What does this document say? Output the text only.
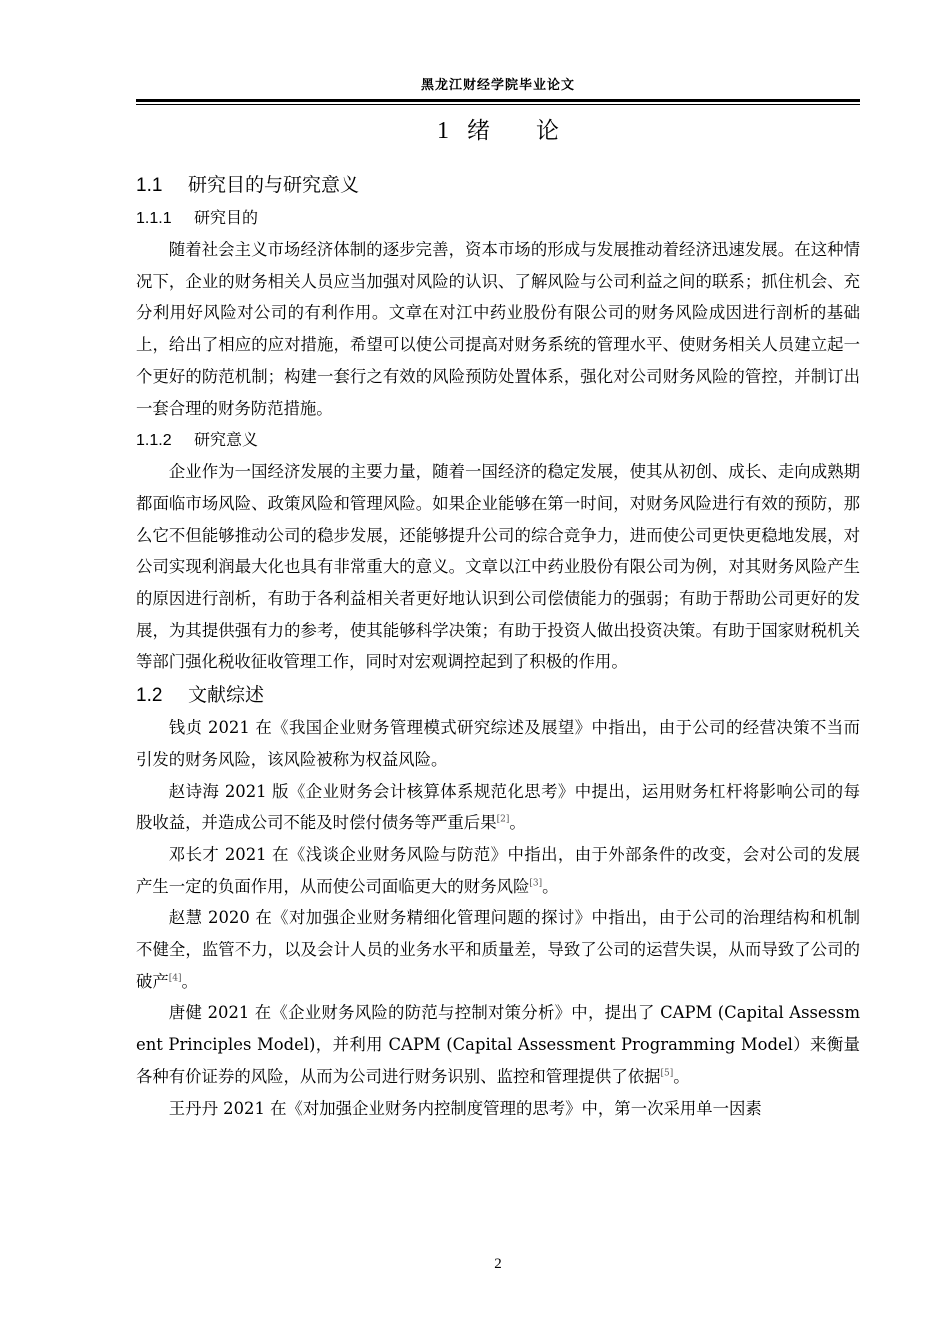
黑龙江财经学院毕业论文
1 绪 论
1.1 研究目的与研究意义
1.1.1 研究目的

随着社会主义市场经济体制的逐步完善，资本市场的形成与发展推动着经济迅速发展。在这种情况下，企业的财务相关人员应当加强对风险的认识、了解风险与公司利益之间的联系；抓住机会、充分利用好风险对公司的有利作用。文章在对江中药业股份有限公司的财务风险成因进行剖析的基础上，给出了相应的应对措施，希望可以使公司提高对财务系统的管理水平、使财务相关人员建立起一个更好的防范机制；构建一套行之有效的风险预防处置体系，强化对公司财务风险的管控，并制订出一套合理的财务防范措施。

1.1.2 研究意义

企业作为一国经济发展的主要力量，随着一国经济的稳定发展，使其从初创、成长、走向成熟期都面临市场风险、政策风险和管理风险。如果企业能够在第一时间，对财务风险进行有效的预防，那么它不但能够推动公司的稳步发展，还能够提升公司的综合竞争力，进而使公司更快更稳地发展，对公司实现利润最大化也具有非常重大的意义。文章以江中药业股份有限公司为例，对其财务风险产生的原因进行剖析，有助于各利益相关者更好地认识到公司偿债能力的强弱；有助于帮助公司更好的发展，为其提供强有力的参考，使其能够科学决策；有助于投资人做出投资决策。有助于国家财税机关等部门强化税收征收管理工作，同时对宏观调控起到了积极的作用。

1.2 文献综述

钱贞 2021 在《我国企业财务管理模式研究综述及展望》中指出，由于公司的经营决策不当而引发的财务风险，该风险被称为权益风险。

赵诗海 2021 版《企业财务会计核算体系规范化思考》中提出，运用财务杠杆将影响公司的每股收益，并造成公司不能及时偿付债务等严重后果[2]。

邓长才 2021 在《浅谈企业财务风险与防范》中指出，由于外部条件的改变，会对公司的发展产生一定的负面作用，从而使公司面临更大的财务风险[3]。

赵慧 2020 在《对加强企业财务精细化管理问题的探讨》中指出，由于公司的治理结构和机制不健全，监管不力，以及会计人员的业务水平和质量差，导致了公司的运营失误，从而导致了公司的破产[4]。

唐健 2021 在《企业财务风险的防范与控制对策分析》中，提出了 CAPM (Capital Assessment Principles Model)，并利用 CAPM (Capital Assessment Programming Model）来衡量各种有价证券的风险，从而为公司进行财务识别、监控和管理提供了依据[5]。

王丹丹 2021 在《对加强企业财务内控制度管理的思考》中，第一次采用单一因素

2
